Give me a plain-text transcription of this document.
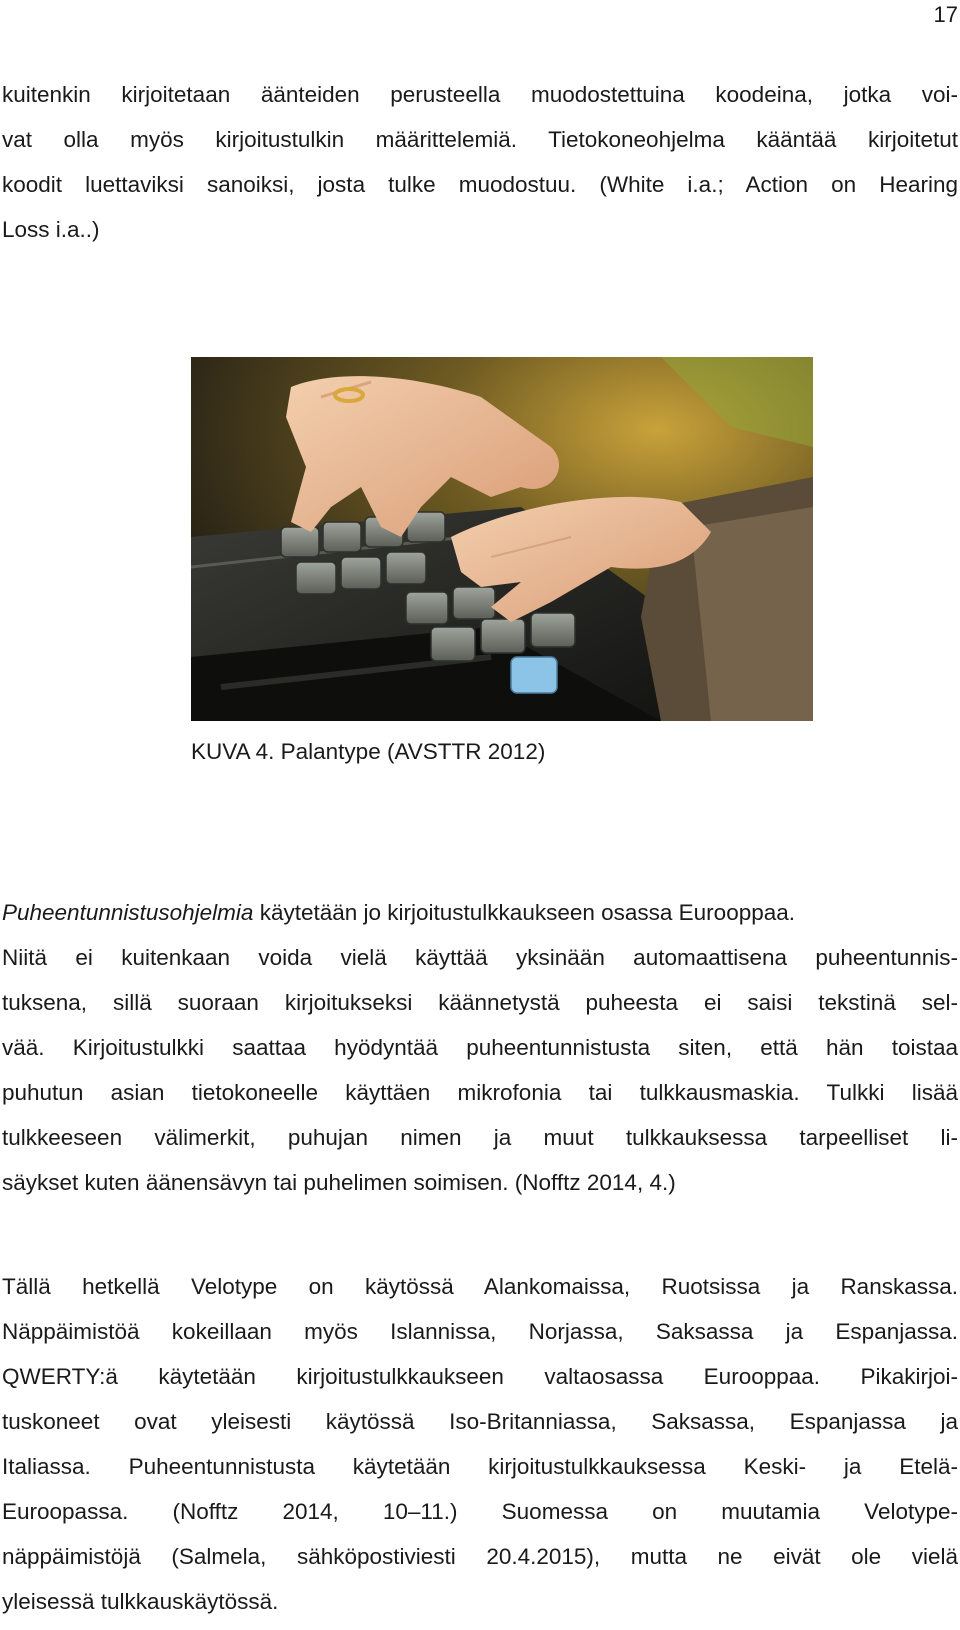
17
kuitenkin kirjoitetaan äänteiden perusteella muodostettuina koodeina, jotka voi-
vat olla myös kirjoitustulkin määrittelemiä. Tietokoneohjelma kääntää kirjoitetut
koodit luettaviksi sanoiksi, josta tulke muodostuu. (White i.a.; Action on Hearing
Loss i.a..)
KUVA 4. Palantype (AVSTTR 2012)
Puheentunnistusohjelmia käytetään jo kirjoitustulkkaukseen osassa Eurooppaa.
Niitä ei kuitenkaan voida vielä käyttää yksinään automaattisena puheentunnis-
tuksena, sillä suoraan kirjoitukseksi käännetystä puheesta ei saisi tekstinä sel-
vää. Kirjoitustulkki saattaa hyödyntää puheentunnistusta siten, että hän toistaa
puhutun asian tietokoneelle käyttäen mikrofonia tai tulkkausmaskia. Tulkki lisää
tulkkeeseen välimerkit, puhujan nimen ja muut tulkkauksessa tarpeelliset li-
säykset kuten äänensävyn tai puhelimen soimisen. (Nofftz 2014, 4.)
Tällä hetkellä Velotype on käytössä Alankomaissa, Ruotsissa ja Ranskassa.
Näppäimistöä kokeillaan myös Islannissa, Norjassa, Saksassa ja Espanjassa.
QWERTY:ä käytetään kirjoitustulkkaukseen valtaosassa Eurooppaa. Pikakirjoi-
tuskoneet ovat yleisesti käytössä Iso-Britanniassa, Saksassa, Espanjassa ja
Italiassa. Puheentunnistusta käytetään kirjoitustulkkauksessa Keski- ja Etelä-
Euroopassa. (Nofftz 2014, 10–11.) Suomessa on muutamia Velotype-
näppäimistöjä (Salmela, sähköpostiviesti 20.4.2015), mutta ne eivät ole vielä
yleisessä tulkkauskäytössä.
